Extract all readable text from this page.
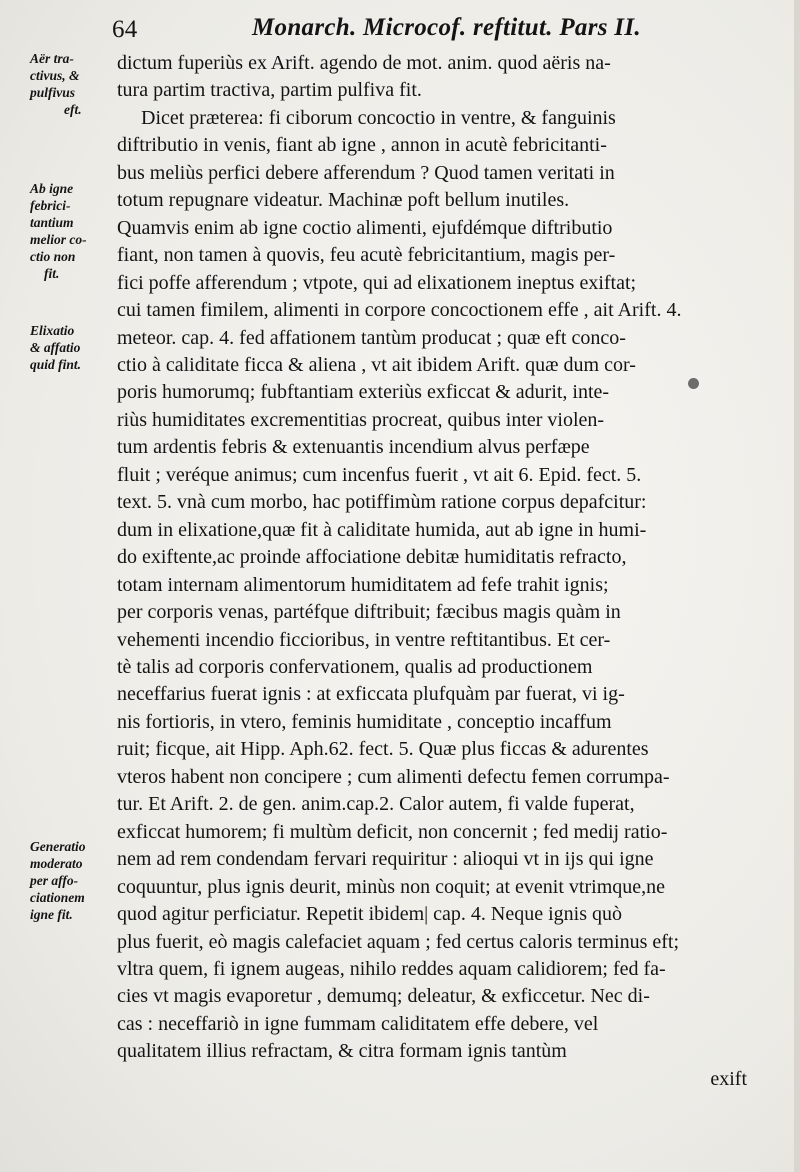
64	Monarch. Microcof. reftitut. Pars II.
Aër tra-
ctivus, &
pulfivus
eft.
Ab igne
febrici-
tantium
melior co-
ctio non
fit.
Elixatio
& affatio
quid fint.
Generatio
moderato
per affo-
ciationem
igne fit.
dictum fuperiùs ex Arift. agendo de mot. anim. quod aëris na-
tura partim tractiva, partim pulfiva fit.
Dicet præterea: fi ciborum concoctio in ventre, & fanguinis
diftributio in venis, fiant ab igne , annon in acutè febricitanti-
bus meliùs perfici debere afferendum ? Quod tamen veritati in
totum repugnare videatur. Machinæ poft bellum inutiles.
Quamvis enim ab igne coctio alimenti, ejufdémque diftributio
fiant, non tamen à quovis, feu acutè febricitantium, magis per-
fici poffe afferendum ; vtpote, qui ad elixationem ineptus exiftat;
cui tamen fimilem, alimenti in corpore concoctionem effe , ait Arift. 4.
meteor. cap. 4. fed affationem tantùm producat ; quæ eft conco-
ctio à caliditate ficca & aliena , vt ait ibidem Arift. quæ dum cor-
poris humorumq; fubftantiam exteriùs exficcat & adurit, inte-
riùs humiditates excrementitias procreat, quibus inter violen-
tum ardentis febris & extenuantis incendium alvus perfæpe
fluit ; veréque animus; cum incenfus fuerit , vt ait 6. Epid. fect. 5.
text. 5. vnà cum morbo, hac potiffimùm ratione corpus depafcitur:
dum in elixatione,quæ fit à caliditate humida, aut ab igne in humi-
do exiftente,ac proinde affociatione debitæ humiditatis refracto,
totam internam alimentorum humiditatem ad fefe trahit ignis;
per corporis venas, partéfque diftribuit; fæcibus magis quàm in
vehementi incendio ficcioribus, in ventre reftitantibus. Et cer-
tè talis ad corporis confervationem, qualis ad productionem
neceffarius fuerat ignis : at exficcata plufquàm par fuerat, vi ig-
nis fortioris, in vtero, feminis humiditate , conceptio incaffum
ruit; ficque, ait Hipp. Aph.62. fect. 5. Quæ plus ficcas & adurentes
vteros habent non concipere ; cum alimenti defectu femen corrumpa-
tur. Et Arift. 2. de gen. anim.cap.2. Calor autem, fi valde fuperat,
exficcat humorem; fi multùm deficit, non concernit ; fed medij ratio-
nem ad rem condendam fervari requiritur : alioqui vt in ijs qui igne
coquuntur, plus ignis deurit, minùs non coquit; at evenit vtrimque,ne
quod agitur perficiatur. Repetit ibidem| cap. 4. Neque ignis quò
plus fuerit, eò magis calefaciet aquam ; fed certus caloris terminus eft;
vltra quem, fi ignem augeas, nihilo reddes aquam calidiorem; fed fa-
cies vt magis evaporetur , demumq; deleatur, & exficcetur. Nec di-
cas : neceffariò in igne fummam caliditatem effe debere, vel
qualitatem illius refractam, & citra formam ignis tantùm
exift
